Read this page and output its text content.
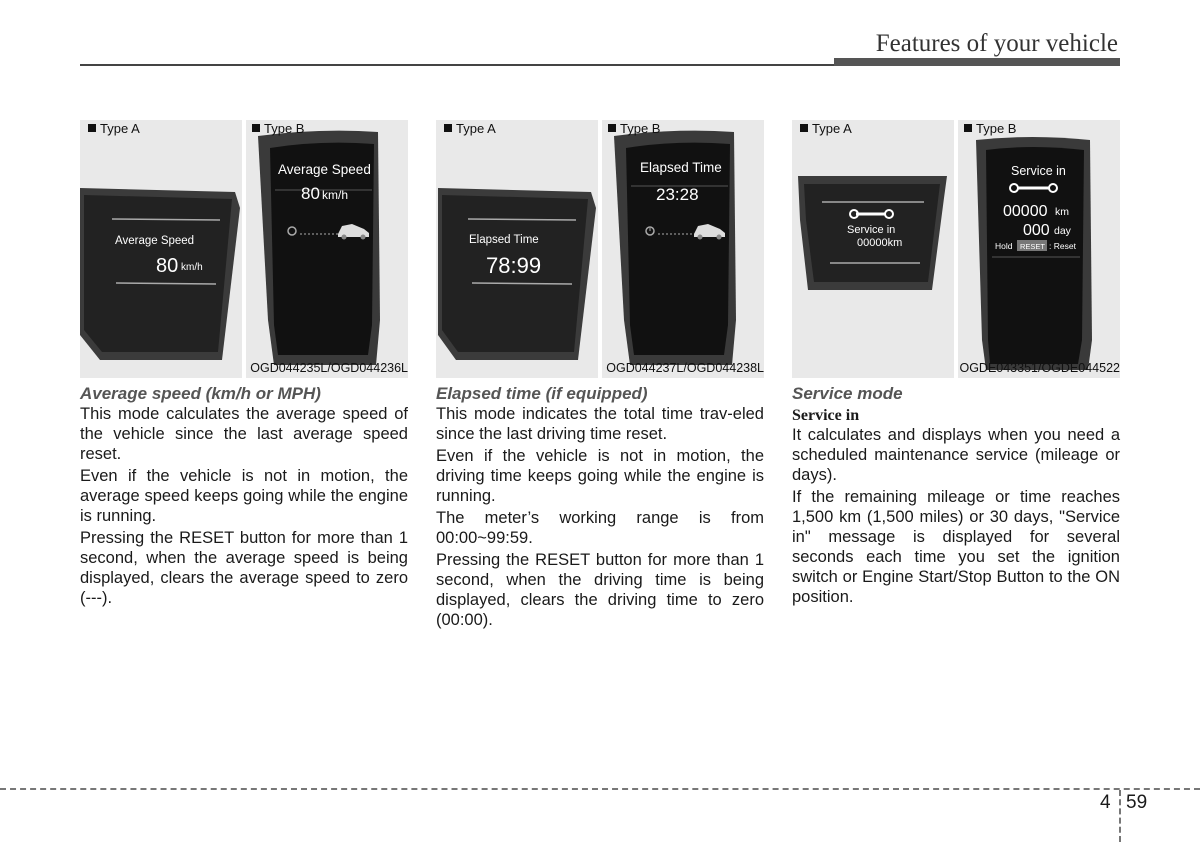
Features of your vehicle
Average Speed
80 km/h
Average Speed
80 km/h
Type A	Type B
OGD044235L/OGD044236L
Average speed (km/h or MPH)

This mode calculates the average speed of the vehicle since the last average speed reset.

Even if the vehicle is not in motion, the average speed keeps going while the engine is running.

Pressing the RESET button for more than 1 second, when the average speed is being displayed, clears the average speed to zero (---).

Elapsed Time
78:99
Elapsed Time
23:28
Type A	Type B
OGD044237L/OGD044238L
Elapsed time (if equipped)

This mode indicates the total time trav-eled since the last driving time reset.

Even if the vehicle is not in motion, the driving time keeps going while the engine is running.

The meter’s working range is from 00:00~99:59.

Pressing the RESET button for more than 1 second, when the driving time is being displayed, clears the driving time to zero (00:00).

Service in
00000km
Service in
00000 km
000 day
Hold RESET : Reset
Type A	Type B
OGDE043351/OGDE044522
Service mode
Service in

It calculates and displays when you need a scheduled maintenance service (mileage or days).

If the remaining mileage or time reaches 1,500 km (1,500 miles) or 30 days, "Service in" message is displayed for several seconds each time you set the ignition switch or Engine Start/Stop Button to the ON position.

4 59
